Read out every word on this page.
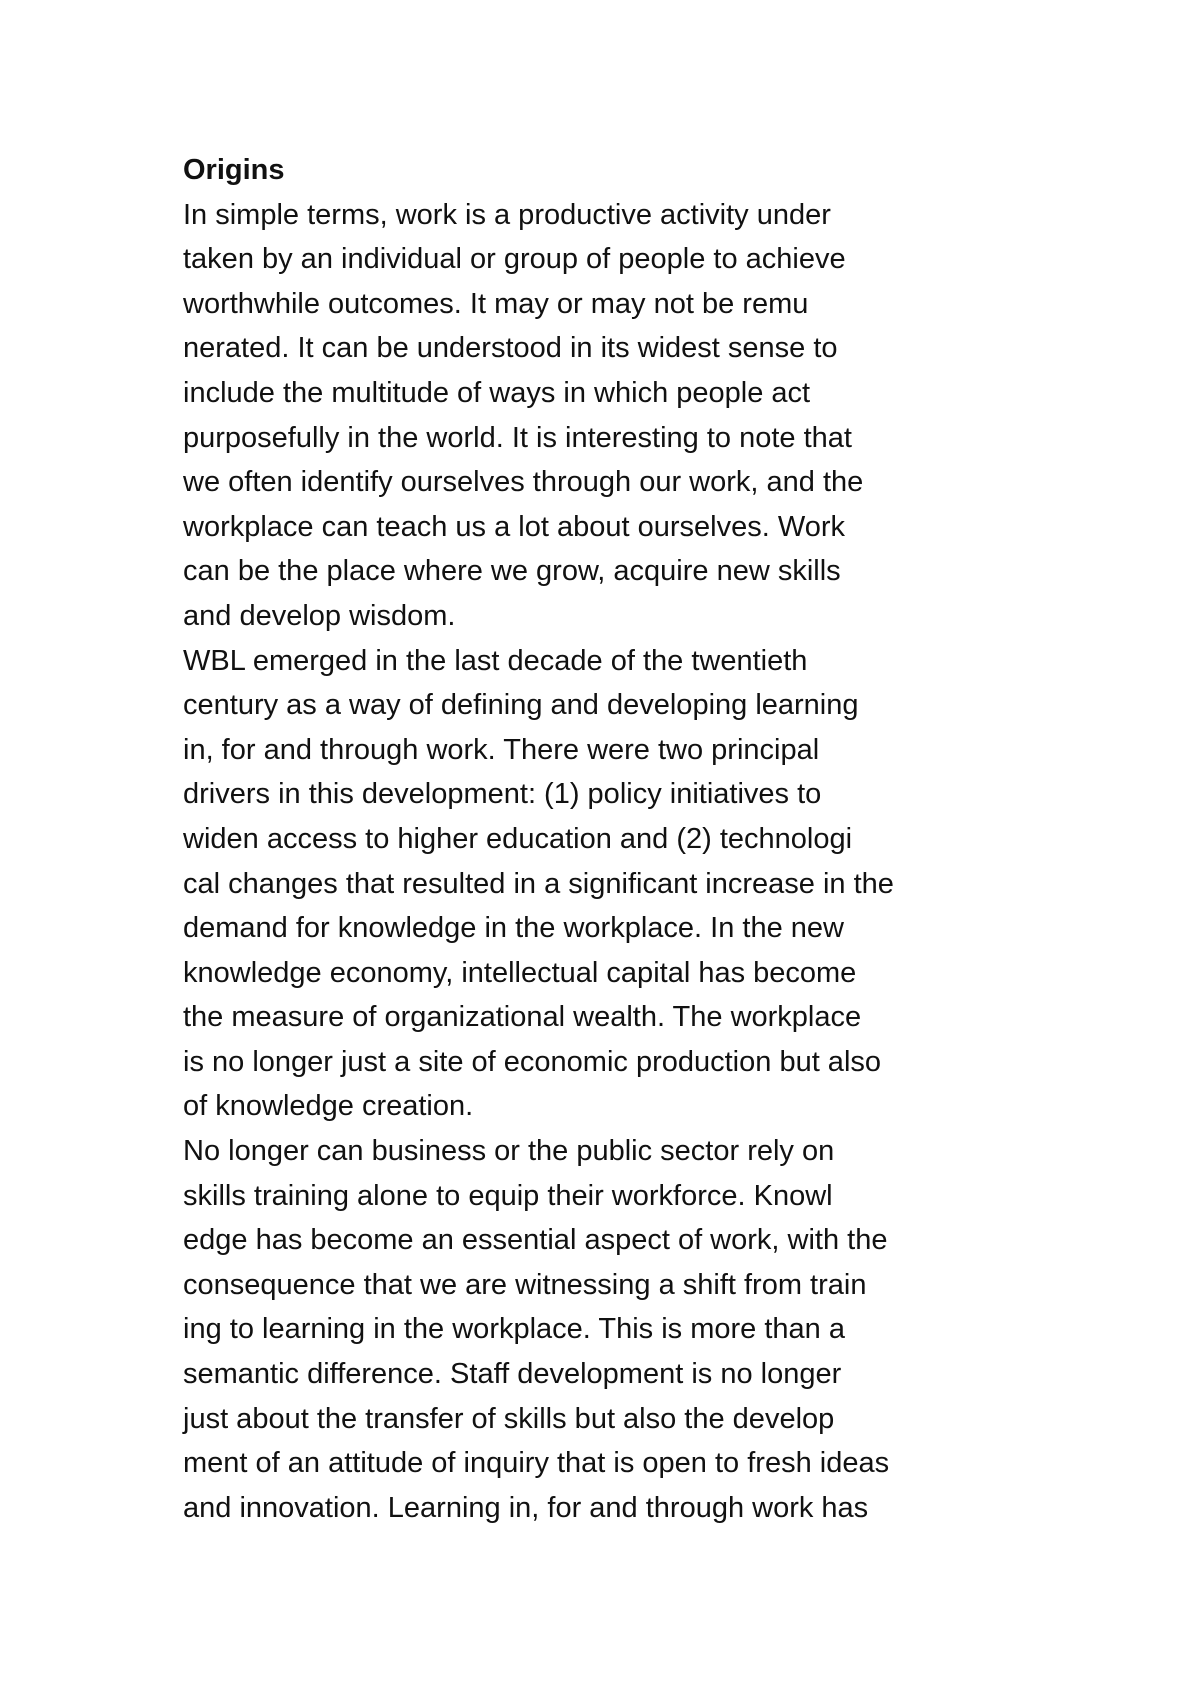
Origins
In simple terms, work is a productive activity under
taken by an individual or group of people to achieve
worthwhile outcomes. It may or may not be remu
nerated. It can be understood in its widest sense to
include the multitude of ways in which people act
purposefully in the world. It is interesting to note that
we often identify ourselves through our work, and the
workplace can teach us a lot about ourselves. Work
can be the place where we grow, acquire new skills
and develop wisdom.
WBL emerged in the last decade of the twentieth
century as a way of defining and developing learning
in, for and through work. There were two principal
drivers in this development: (1) policy initiatives to
widen access to higher education and (2) technologi
cal changes that resulted in a significant increase in the
demand for knowledge in the workplace. In the new
knowledge economy, intellectual capital has become
the measure of organizational wealth. The workplace
is no longer just a site of economic production but also
of knowledge creation.
No longer can business or the public sector rely on
skills training alone to equip their workforce. Knowl
edge has become an essential aspect of work, with the
consequence that we are witnessing a shift from train
ing to learning in the workplace. This is more than a
semantic difference. Staff development is no longer
just about the transfer of skills but also the develop
ment of an attitude of inquiry that is open to fresh ideas
and innovation. Learning in, for and through work has
